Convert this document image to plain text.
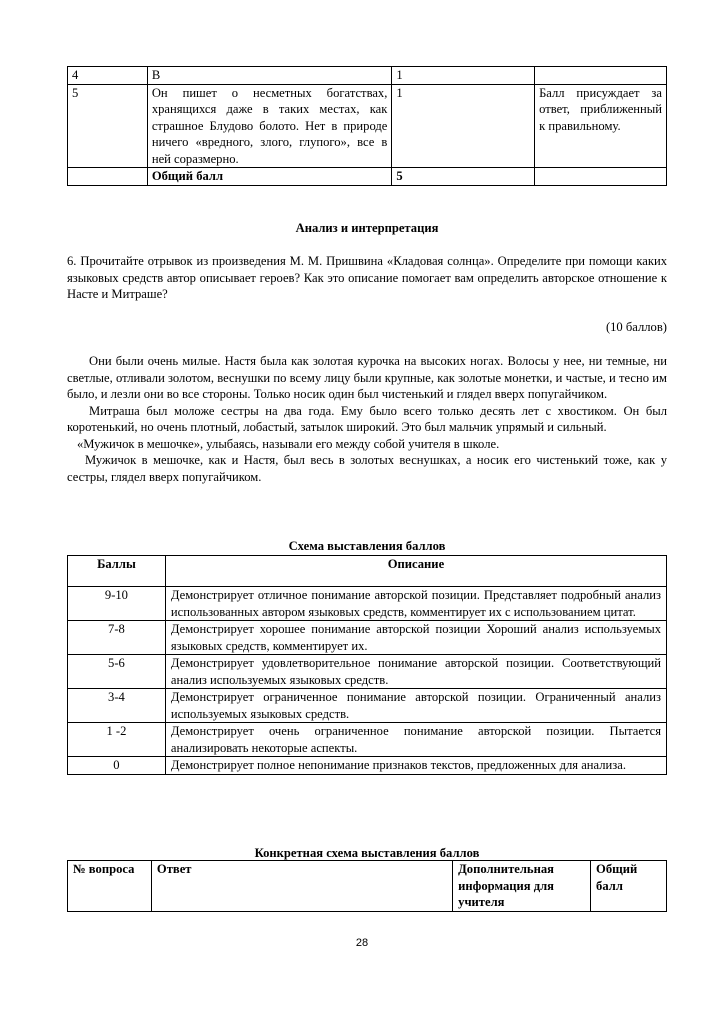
4	В	1	
5	Он пишет о несметных богатствах, хранящихся даже в таких местах, как страшное Блудово болото. Нет в природе ничего «вредного, злого, глупого», все в ней соразмерно.	1	Балл присуждает за ответ, приближенный к правильному.
	Общий балл	5	
Анализ и интерпретация
6. Прочитайте отрывок из произведения М. М. Пришвина «Кладовая солнца». Определите при помощи каких языковых средств автор описывает героев? Как это описание помогает вам определить авторское отношение к Насте и Митраше?
(10 баллов)

Они были очень милые. Настя была как золотая курочка на высоких ногах. Волосы у нее, ни темные, ни светлые, отливали золотом, веснушки по всему лицу были крупные, как золотые монетки, и частые, и тесно им было, и лезли они во все стороны. Только носик один был чистенький и глядел вверх попугайчиком.

Митраша был моложе сестры на два года. Ему было всего только десять лет с хвостиком. Он был коротенький, но очень плотный, лобастый, затылок широкий. Это был мальчик упрямый и сильный.

«Мужичок в мешочке», улыбаясь, называли его между собой учителя в школе.

Мужичок в мешочке, как и Настя, был весь в золотых веснушках, а носик его чистенький тоже, как у сестры, глядел вверх попугайчиком.

Схема выставления баллов
Баллы	Описание
9-10	Демонстрирует отличное понимание авторской позиции. Представляет подробный анализ использованных автором языковых средств, комментирует их с использованием цитат.
7-8	Демонстрирует хорошее понимание авторской позиции Хороший анализ используемых языковых средств, комментирует их.
5-6	Демонстрирует удовлетворительное понимание авторской позиции. Соответствующий анализ используемых языковых средств.
3-4	Демонстрирует ограниченное понимание авторской позиции. Ограниченный анализ используемых языковых средств.
1 -2	Демонстрирует очень ограниченное понимание авторской позиции. Пытается анализировать некоторые аспекты.
0	Демонстрирует полное непонимание признаков текстов, предложенных для анализа.
Конкретная схема выставления баллов
№ вопроса	Ответ	Дополнительная информация для учителя	Общий балл
28
